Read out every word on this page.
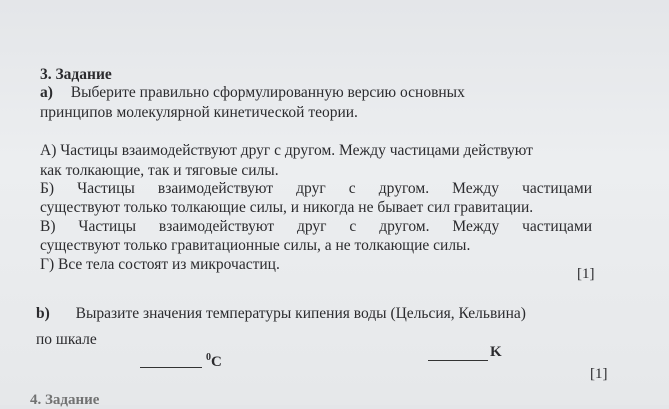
3. Задание
а) Выберите правильно сформулированную версию основных
принципов молекулярной кинетической теории.
А) Частицы взаимодействуют друг с другом. Между частицами действуют
как толкающие, так и тяговые силы.
Б) Частицы взаимодействуют друг с другом. Между частицами
существуют только толкающие силы, и никогда не бывает сил гравитации.
В) Частицы взаимодействуют друг с другом. Между частицами
существуют только гравитационные силы, а не толкающие силы.
Г) Все тела состоят из микрочастиц.
[1]
b) Выразите значения температуры кипения воды (Цельсия, Кельвина)
по шкале
$^0$C
K
[1]
4. Задание
